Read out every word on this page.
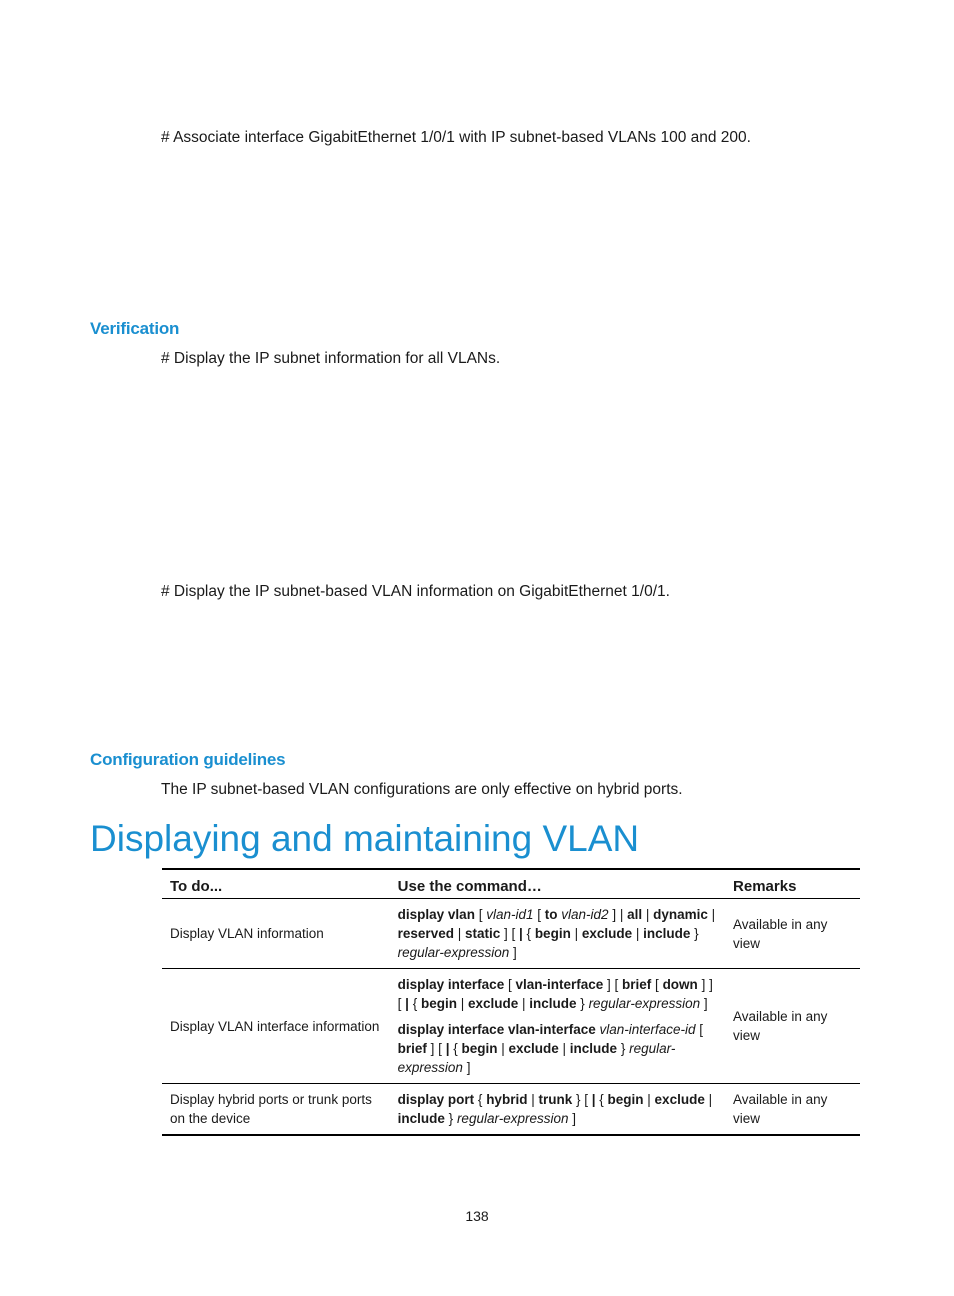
# Associate interface GigabitEthernet 1/0/1 with IP subnet-based VLANs 100 and 200.
Verification
# Display the IP subnet information for all VLANs.
# Display the IP subnet-based VLAN information on GigabitEthernet 1/0/1.
Configuration guidelines
The IP subnet-based VLAN configurations are only effective on hybrid ports.
Displaying and maintaining VLAN
To do...	Use the command…	Remarks
Display VLAN information	display vlan [ vlan-id1 [ to vlan-id2 ] | all | dynamic | reserved | static ] [ | { begin | exclude | include } regular-expression ]	Available in any view
Display VLAN interface information	display interface [ vlan-interface ] [ brief [ down ] ] [ | { begin | exclude | include } regular-expression ]
display interface vlan-interface vlan-interface-id [ brief ] [ | { begin | exclude | include } regular-expression ]	Available in any view
Display hybrid ports or trunk ports on the device	display port { hybrid | trunk } [ | { begin | exclude | include } regular-expression ]	Available in any view
138
